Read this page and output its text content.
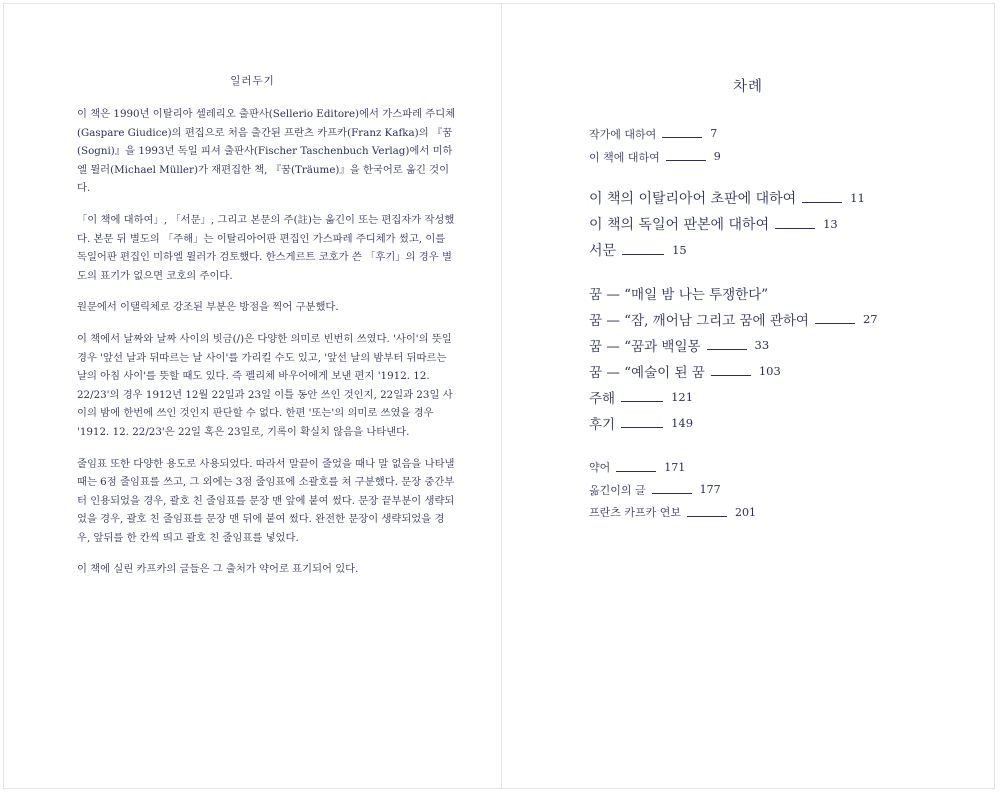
일러두기

이 책은 1990년 이탈리아 셀레리오 출판사(Sellerio Editore)에서 가스파레 주디체(Gaspare Giudice)의 편집으로 처음 출간된 프란츠 카프카(Franz Kafka)의 『꿈(Sogni)』을 1993년 독일 피셔 출판사(Fischer Taschenbuch Verlag)에서 미하엘 뮐러(Michael Müller)가 재편집한 책, 『꿈(Träume)』을 한국어로 옮긴 것이다.

「이 책에 대하여」, 「서문」, 그리고 본문의 주(註)는 옮긴이 또는 편집자가 작성했다. 본문 뒤 별도의 「주해」는 이탈리아어판 편집인 가스파레 주디체가 썼고, 이를 독일어판 편집인 미하엘 뮐러가 검토했다. 한스게르트 코호가 쓴 「후기」의 경우 별도의 표기가 없으면 코호의 주이다.

원문에서 이탤릭체로 강조된 부분은 방점을 찍어 구분했다.

이 책에서 날짜와 날짜 사이의 빗금(/)은 다양한 의미로 빈번히 쓰였다. '사이'의 뜻일 경우 '앞선 날과 뒤따르는 날 사이'를 가리킬 수도 있고, '앞선 날의 밤부터 뒤따르는 날의 아침 사이'를 뜻할 때도 있다. 즉 펠리체 바우어에게 보낸 편지 '1912. 12. 22/23'의 경우 1912년 12월 22일과 23일 이틀 동안 쓰인 것인지, 22일과 23일 사이의 밤에 한번에 쓰인 것인지 판단할 수 없다. 한편 '또는'의 의미로 쓰였을 경우 '1912. 12. 22/23'은 22일 혹은 23일로, 기록이 확실치 않음을 나타낸다.

줄임표 또한 다양한 용도로 사용되었다. 따라서 말끝이 줄었을 때나 말 없음을 나타낼 때는 6점 줄임표를 쓰고, 그 외에는 3점 줄임표에 소괄호를 쳐 구분했다. 문장 중간부터 인용되었을 경우, 괄호 친 줄임표를 문장 맨 앞에 붙여 썼다. 문장 끝부분이 생략되었을 경우, 괄호 친 줄임표를 문장 맨 뒤에 붙여 썼다. 완전한 문장이 생략되었을 경우, 앞뒤를 한 칸씩 띄고 괄호 친 줄임표를 넣었다.

이 책에 실린 카프카의 글들은 그 출처가 약어로 표기되어 있다.

차례
작가에 대하여	7
이 책에 대하여	9
이 책의 이탈리아어 초판에 대하여	11
이 책의 독일어 판본에 대하여	13
서문	15
꿈 — “매일 밤 나는 투쟁한다”
꿈 — “잠, 깨어남 그리고 꿈에 관하여	27
꿈 — “꿈과 백일몽	33
꿈 — “예술이 된 꿈	103
주해	121
후기	149
약어	171
옮긴이의 글	177
프란츠 카프카 연보	201
